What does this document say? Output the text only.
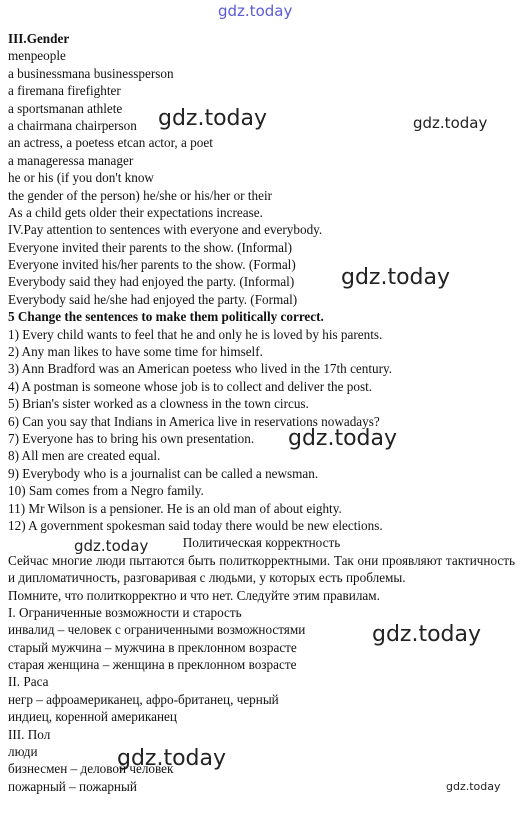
gdz.today
gdz.today	gdz.today
gdz.today
gdz.today
gdz.today
gdz.today
gdz.today
gdz.today
III.Gender
menpeople
a businessmana businessperson
a firemana firefighter
a sportsmanan athlete
a chairmana chairperson
an actress, a poetess etcan actor, a poet
a manageressa manager
he or his (if you don't know
the gender of the person) he/she or his/her or their
As a child gets older their expectations increase.
IV.Pay attention to sentences with everyone and everybody.
Everyone invited their parents to the show. (Informal)
Everyone invited his/her parents to the show. (Formal)
Everybody said they had enjoyed the party. (Informal)
Everybody said he/she had enjoyed the party. (Formal)
5 Change the sentences to make them politically correct.
1) Every child wants to feel that he and only he is loved by his parents.
2) Any man likes to have some time for himself.
3) Ann Bradford was an American poetess who lived in the 17th century.
4) A postman is someone whose job is to collect and deliver the post.
5) Brian's sister worked as a clowness in the town circus.
6) Can you say that Indians in America live in reservations nowadays?
7) Everyone has to bring his own presentation.
8) All men are created equal.
9) Everybody who is a journalist can be called a newsman.
10) Sam comes from a Negro family.
11) Mr Wilson is a pensioner. He is an old man of about eighty.
12) A government spokesman said today there would be new elections.
Политическая корректность
Сейчас многие люди пытаются быть политкорректными. Так они проявляют тактичность и дипломатичность, разговаривая с людьми, у которых есть проблемы.
Помните, что политкорректно и что нет. Следуйте этим правилам.
I. Ограниченные возможности и старость
инвалид – человек с ограниченными возможностями
старый мужчина – мужчина в преклонном возрасте
старая женщина – женщина в преклонном возрасте
II. Раса
негр – афроамериканец, афро-британец, черный
индиец, коренной американец
III. Пол
люди
бизнесмен – деловой человек
пожарный – пожарный
